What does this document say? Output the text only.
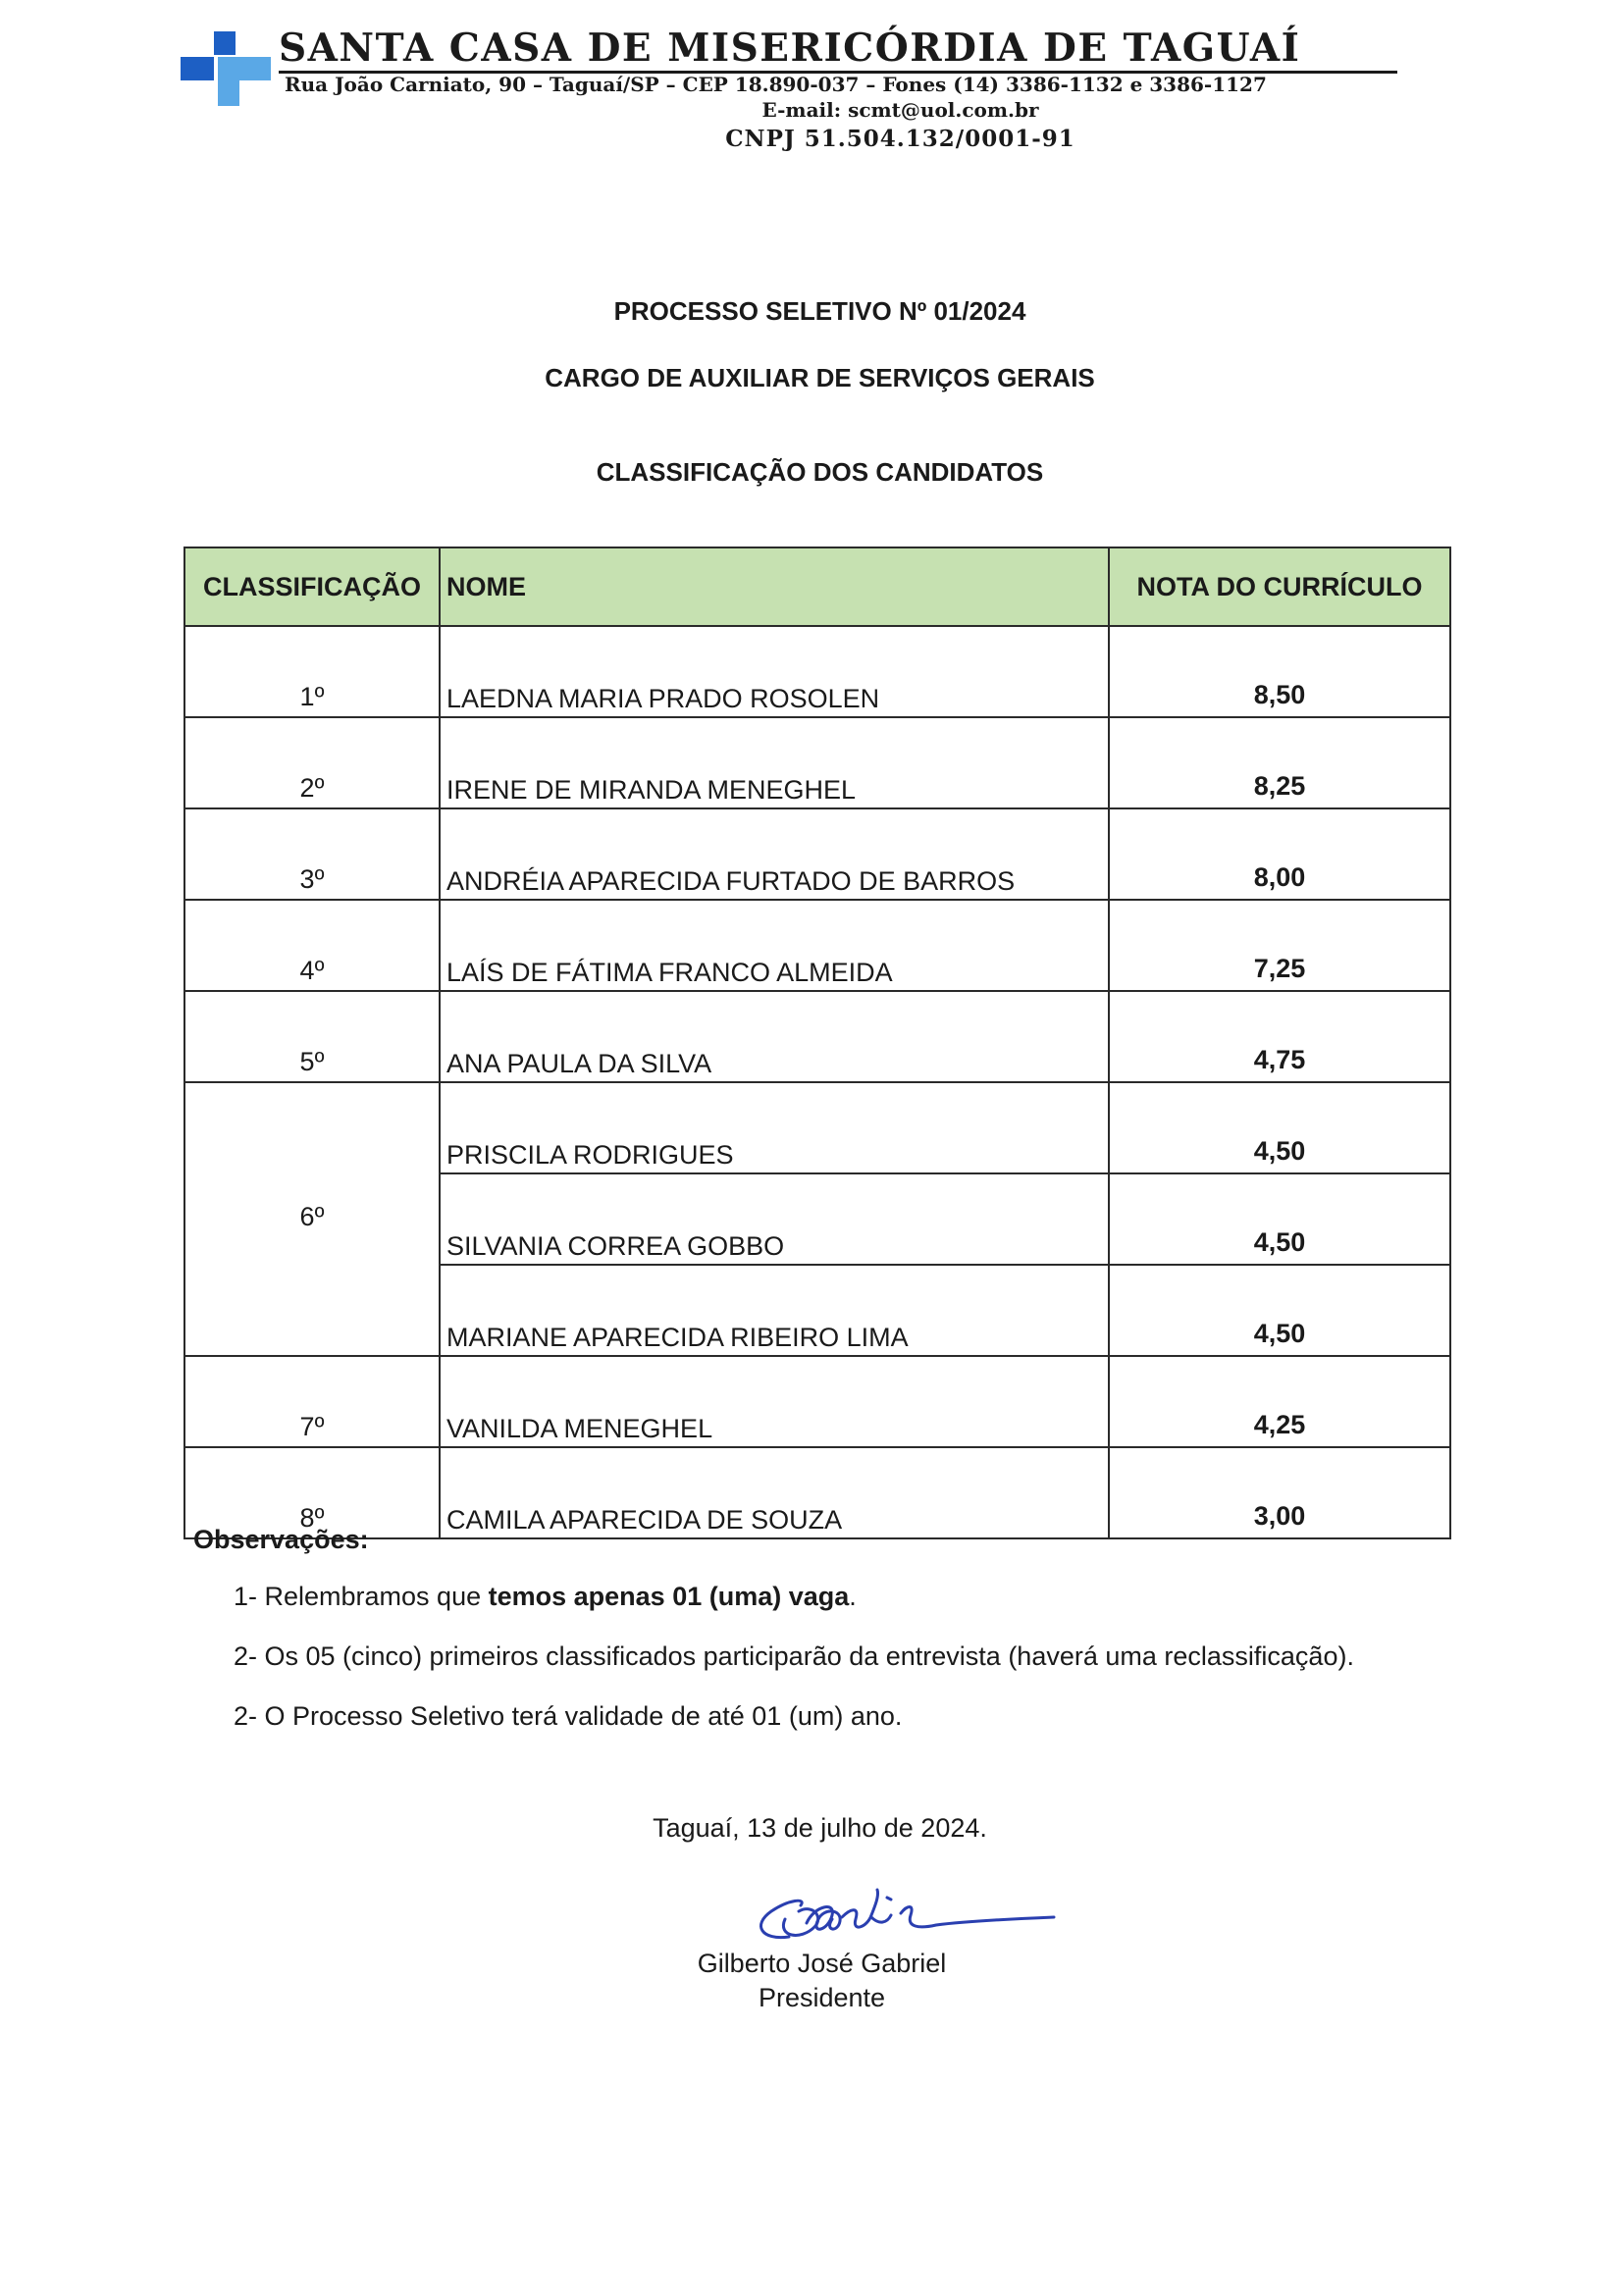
SANTA CASA DE MISERICÓRDIA DE TAGUAÍ
Rua João Carniato, 90 – Taguaí/SP – CEP 18.890-037 – Fones (14) 3386-1132 e 3386-1127
E-mail: scmt@uol.com.br
CNPJ 51.504.132/0001-91
PROCESSO SELETIVO Nº 01/2024
CARGO DE AUXILIAR DE SERVIÇOS GERAIS
CLASSIFICAÇÃO DOS CANDIDATOS
CLASSIFICAÇÃO	NOME	NOTA DO CURRÍCULO
1º	LAEDNA MARIA PRADO ROSOLEN	8,50
2º	IRENE DE MIRANDA MENEGHEL	8,25
3º	ANDRÉIA APARECIDA FURTADO DE BARROS	8,00
4º	LAÍS DE FÁTIMA FRANCO ALMEIDA	7,25
5º	ANA PAULA DA SILVA	4,75
6º	PRISCILA RODRIGUES	4,50
	SILVANIA CORREA GOBBO	4,50
	MARIANE APARECIDA RIBEIRO LIMA	4,50
7º	VANILDA MENEGHEL	4,25
8º	CAMILA APARECIDA DE SOUZA	3,00
Observações:
1- Relembramos que temos apenas 01 (uma) vaga.
2- Os 05 (cinco) primeiros classificados participarão da entrevista (haverá uma reclassificação).
2- O Processo Seletivo terá validade de até 01 (um) ano.
Taguaí, 13 de julho de 2024.
Gilberto José Gabriel
Presidente
